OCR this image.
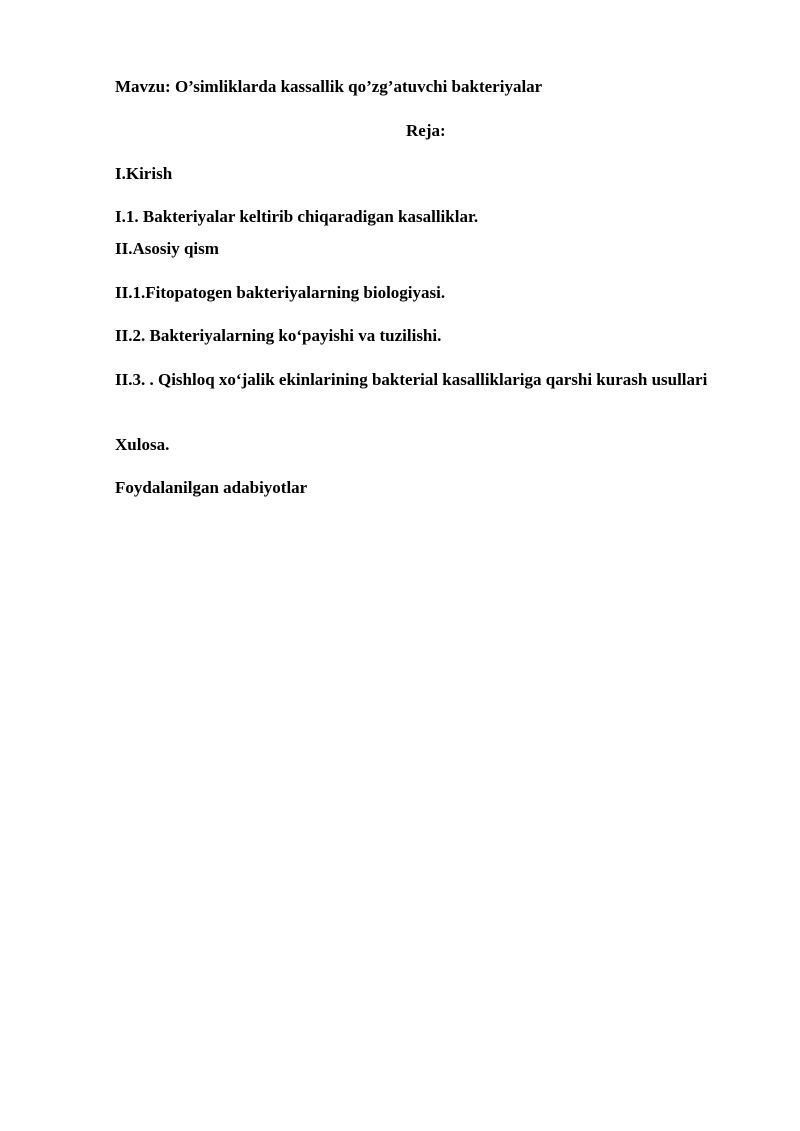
Mavzu: O’simliklarda kassallik qo’zg’atuvchi bakteriyalar

Reja:

I.Kirish

I.1. Bakteriyalar keltirib chiqaradigan kasalliklar.

II.Asosiy qism

II.1.Fitopatogen bakteriyalarning biologiyasi.

II.2. Bakteriyalarning koʻpayishi va tuzilishi.

II.3. . Qishloq xoʻjalik ekinlarining bakterial kasalliklariga qarshi kurash usullari

Xulosa.

Foydalanilgan adabiyotlar
